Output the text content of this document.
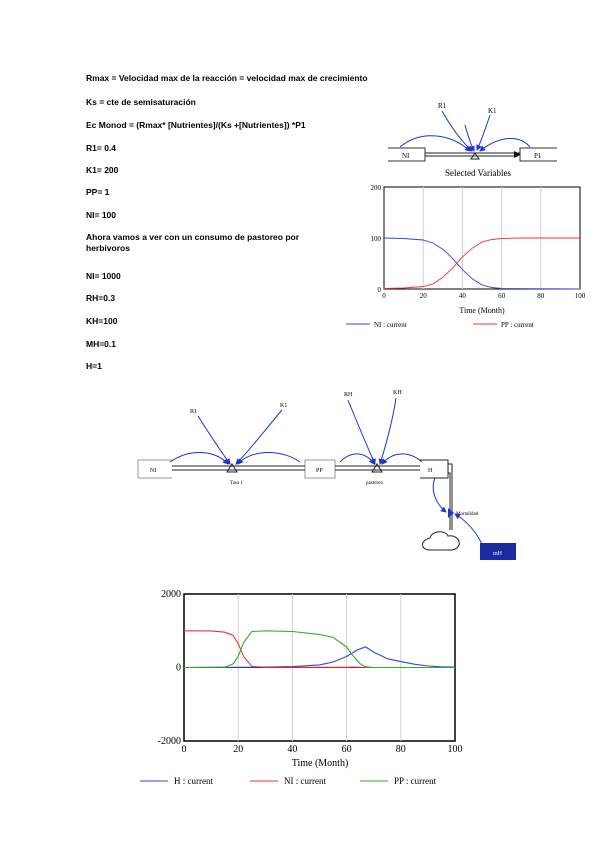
Rmax = Velocidad max de la reacción = velocidad max de crecimiento
Ks = cte de semisaturación
Ec Monod = (Rmax* [Nutrientes]/(Ks +[Nutrientes]) *P1
R1= 0.4
K1= 200
PP= 1
NI= 100
Ahora vamos a ver con un consumo de pastoreo por herbívoros
NI= 1000
RH=0.3
KH=100
MH=0.1
H=1
R1
K1
NI	P1
Selected Variables
0	20	40	60	80	100
0
100
200
Time (Month)
NI : current	PP : current
R1
K1
RH	KH
NI	PP	H
Tasa 1	pastoreo
Mortalidad
mH
0	20	40	60	80	100
-2000
0
2000
Time (Month)
H : current	NI : current	PP : current
